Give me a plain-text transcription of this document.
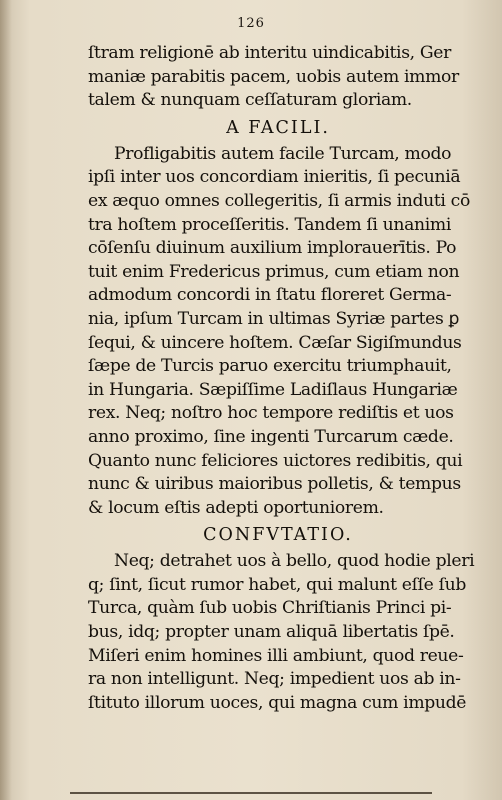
126
ſtram religionē ab interitu uindicabitis, Ger
maniæ parabitis pacem, uobis autem immor
talem & nunquam ceſſaturam gloriam.
A FACILI.
Profligabitis autem facile Turcam, modo
ipſi inter uos concordiam inieritis, ſi pecuniā
ex æquo omnes collegeritis, ſi armis induti cō
tra hoſtem proceſſeritis. Tandem ſi unanimi
cōſenſu diuinum auxilium implorauerītis. Po
tuit enim Fredericus primus, cum etiam non
admodum concordi in ſtatu floreret Germa-
nia, ipſum Turcam in ultimas Syriæ partes ꝑ
ſequi, & uincere hoſtem. Cæſar Sigiſmundus
ſæpe de Turcis paruo exercitu triumphauit,
in Hungaria. Sæpiſſime Ladiſlaus Hungariæ
rex. Neq; noſtro hoc tempore rediſtis et uos
anno proximo, ſine ingenti Turcarum cæde.
Quanto nunc feliciores uictores redibitis, qui
nunc & uiribus maioribus polletis, & tempus
& locum eſtis adepti oportuniorem.
CONFVTATIO.
Neq; detrahet uos à bello, quod hodie pleri
q; ſint, ſicut rumor habet, qui malunt eſſe ſub
Turca, quàm ſub uobis Chriſtianis Princi pi-
bus, idq; propter unam aliquā libertatis ſpē.
Miſeri enim homines illi ambiunt, quod reue-
ra non intelligunt. Neq; impedient uos ab in-
ſtituto illorum uoces, qui magna cum impudē
